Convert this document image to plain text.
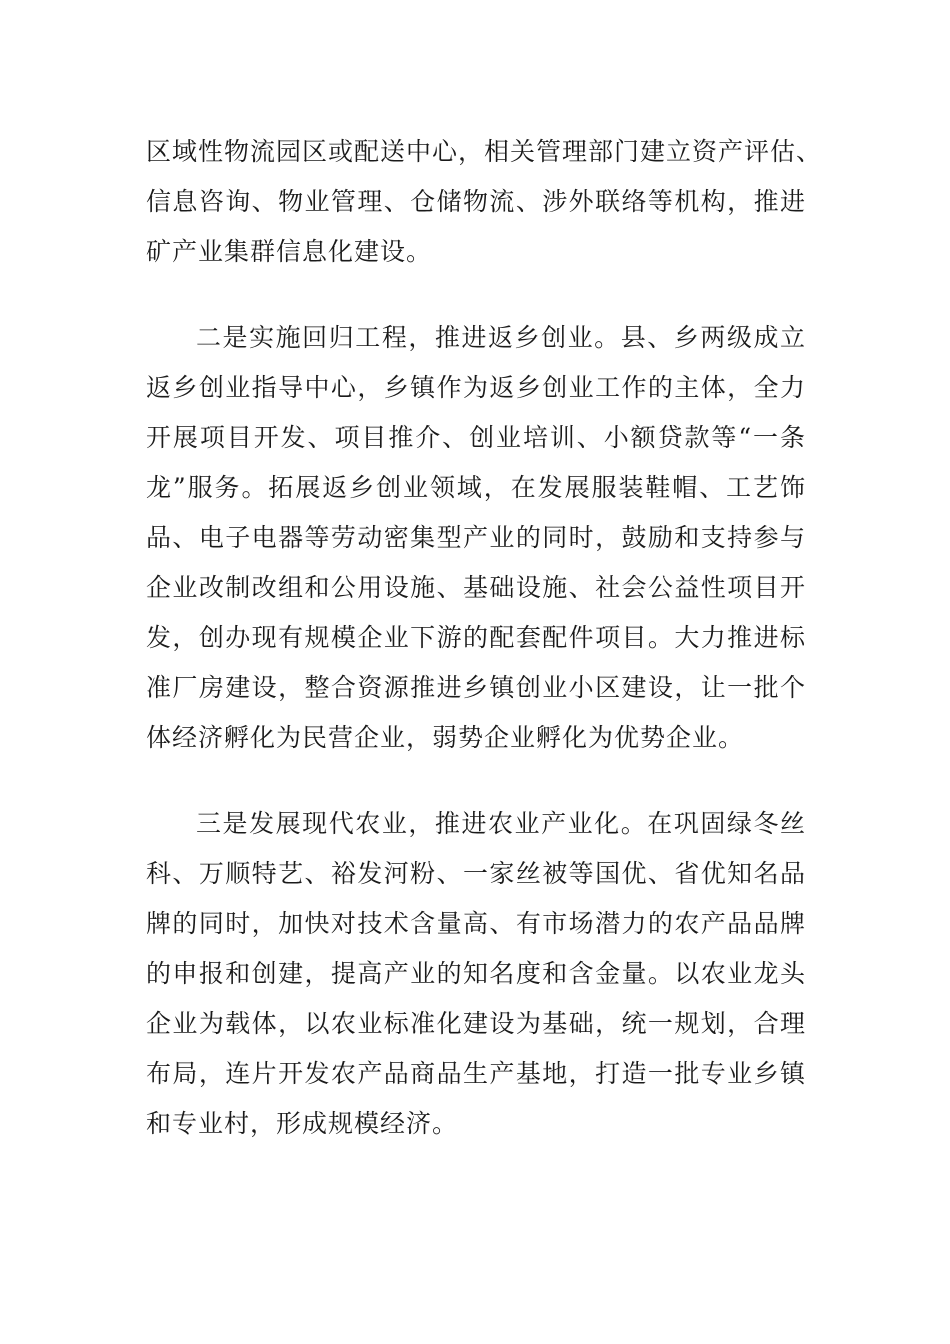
区域性物流园区或配送中心，相关管理部门建立资产评估、
信息咨询、物业管理、仓储物流、涉外联络等机构，推进
矿产业集群信息化建设。
二是实施回归工程，推进返乡创业。县、乡两级成立
返乡创业指导中心，乡镇作为返乡创业工作的主体，全力
开展项目开发、项目推介、创业培训、小额贷款等“一条
龙”服务。拓展返乡创业领域，在发展服装鞋帽、工艺饰
品、电子电器等劳动密集型产业的同时，鼓励和支持参与
企业改制改组和公用设施、基础设施、社会公益性项目开
发，创办现有规模企业下游的配套配件项目。大力推进标
准厂房建设，整合资源推进乡镇创业小区建设，让一批个
体经济孵化为民营企业，弱势企业孵化为优势企业。
三是发展现代农业，推进农业产业化。在巩固绿冬丝
科、万顺特艺、裕发河粉、一家丝被等国优、省优知名品
牌的同时，加快对技术含量高、有市场潜力的农产品品牌
的申报和创建，提高产业的知名度和含金量。以农业龙头
企业为载体，以农业标准化建设为基础，统一规划，合理
布局，连片开发农产品商品生产基地，打造一批专业乡镇
和专业村，形成规模经济。
